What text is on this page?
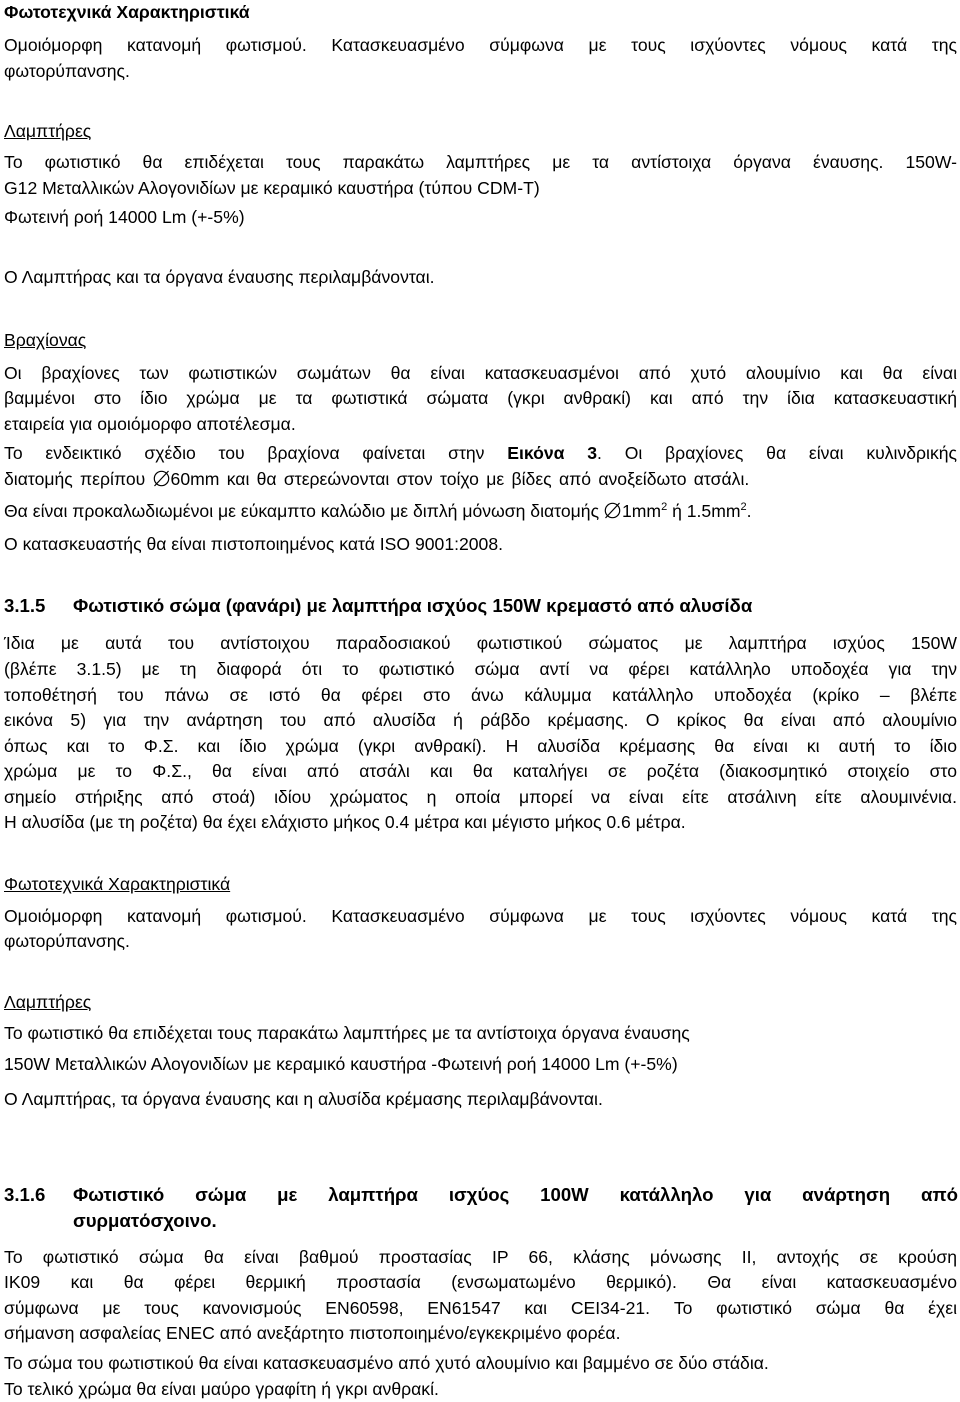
Φωτοτεχνικά Χαρακτηριστικά
Ομοιόμορφη κατανομή φωτισμού. Κατασκευασμένο σύμφωνα με τους ισχύοντες νόμους κατά της
φωτορύπανσης.
Λαμπτήρες
Το φωτιστικό θα επιδέχεται τους παρακάτω λαμπτήρες με τα αντίστοιχα όργανα έναυσης. 150W-
G12 Μεταλλικών Αλογονιδίων με κεραμικό καυστήρα (τύπου CDM-T)
Φωτεινή ροή 14000 Lm (+-5%)
Ο Λαμπτήρας και τα όργανα έναυσης περιλαμβάνονται.
Βραχίονας
Οι βραχίονες των φωτιστικών σωμάτων θα είναι κατασκευασμένοι από χυτό αλουμίνιο και θα είναι
βαμμένοι στο ίδιο χρώμα με τα φωτιστικά σώματα (γκρι ανθρακί) και από την ίδια κατασκευαστική
εταιρεία για ομοιόμορφο αποτέλεσμα.
Το ενδεικτικό σχέδιο του βραχίονα φαίνεται στην Εικόνα 3. Οι βραχίονες θα είναι κυλινδρικής
διατομής περίπου 60mm και θα στερεώνονται στον τοίχο με βίδες από ανοξείδωτο ατσάλι.
Θα είναι προκαλωδιωμένοι με εύκαμπτο καλώδιο με διπλή μόνωση διατομής $1mm^2$ ή $1.5mm^2$.
Ο κατασκευαστής θα είναι πιστοποιημένος κατά ISO 9001:2008.
3.1.5 Φωτιστικό σώμα (φανάρι) με λαμπτήρα ισχύος 150W κρεμαστό από αλυσίδα
Ίδια με αυτά του αντίστοιχου παραδοσιακού φωτιστικού σώματος με λαμπτήρα ισχύος 150W
(βλέπε 3.1.5) με τη διαφορά ότι το φωτιστικό σώμα αντί να φέρει κατάλληλο υποδοχέα για την
τοποθέτησή του πάνω σε ιστό θα φέρει στο άνω κάλυμμα κατάλληλο υποδοχέα (κρίκο – βλέπε
εικόνα 5) για την ανάρτηση του από αλυσίδα ή ράβδο κρέμασης. Ο κρίκος θα είναι από αλουμίνιο
όπως και το Φ.Σ. και ίδιο χρώμα (γκρι ανθρακί). Η αλυσίδα κρέμασης θα είναι κι αυτή το ίδιο
χρώμα με το Φ.Σ., θα είναι από ατσάλι και θα καταλήγει σε ροζέτα (διακοσμητικό στοιχείο στο
σημείο στήριξης από στοά) ιδίου χρώματος η οποία μπορεί να είναι είτε ατσάλινη είτε αλουμινένια.
Η αλυσίδα (με τη ροζέτα) θα έχει ελάχιστο μήκος 0.4 μέτρα και μέγιστο μήκος 0.6 μέτρα.
Φωτοτεχνικά Χαρακτηριστικά
Ομοιόμορφη κατανομή φωτισμού. Κατασκευασμένο σύμφωνα με τους ισχύοντες νόμους κατά της
φωτορύπανσης.
Λαμπτήρες
Το φωτιστικό θα επιδέχεται τους παρακάτω λαμπτήρες με τα αντίστοιχα όργανα έναυσης
150W Μεταλλικών Αλογονιδίων με κεραμικό καυστήρα -Φωτεινή ροή 14000 Lm (+-5%)
Ο Λαμπτήρας, τα όργανα έναυσης και η αλυσίδα κρέμασης περιλαμβάνονται.
3.1.6 Φωτιστικό σώμα με λαμπτήρα ισχύος 100W κατάλληλο για ανάρτηση από
συρματόσχοινο.
Το φωτιστικό σώμα θα είναι βαθμού προστασίας IP 66, κλάσης μόνωσης ΙΙ, αντοχής σε κρούση
ΙΚ09 και θα φέρει θερμική προστασία (ενσωματωμένο θερμικό). Θα είναι κατασκευασμένο
σύμφωνα με τους κανονισμούς EN60598, EN61547 και CEI34-21. Το φωτιστικό σώμα θα έχει
σήμανση ασφαλείας ENEC από ανεξάρτητο πιστοποιημένο/εγκεκριμένο φορέα.
Το σώμα του φωτιστικού θα είναι κατασκευασμένο από χυτό αλουμίνιο και βαμμένο σε δύο στάδια.
Το τελικό χρώμα θα είναι μαύρο γραφίτη ή γκρι ανθρακί.
